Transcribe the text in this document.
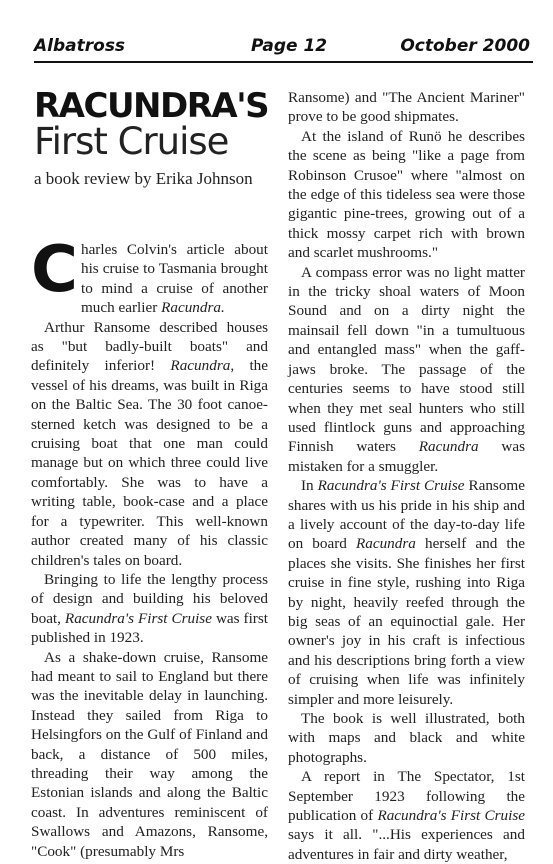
Albatross	Page 12	October 2000
RACUNDRA'S
First Cruise
a book review by Erika Johnson

Charles Colvin's article about his cruise to Tasmania brought to mind a cruise of another much earlier Racundra.

Arthur Ransome described houses as "but badly-built boats" and definitely inferior! Racundra, the vessel of his dreams, was built in Riga on the Baltic Sea. The 30 foot canoe-sterned ketch was designed to be a cruising boat that one man could manage but on which three could live comfortably. She was to have a writing table, book-case and a place for a typewriter. This well-known author created many of his classic children's tales on board.

Bringing to life the lengthy process of design and building his beloved boat, Racundra's First Cruise was first published in 1923.

As a shake-down cruise, Ransome had meant to sail to England but there was the inevitable delay in launching. Instead they sailed from Riga to Helsingfors on the Gulf of Finland and back, a distance of 500 miles, threading their way among the Estonian islands and along the Baltic coast. In adventures reminiscent of Swallows and Amazons, Ransome, "Cook" (presumably Mrs

Ransome) and "The Ancient Mariner" prove to be good shipmates.

At the island of Runö he describes the scene as being "like a page from Robinson Crusoe" where "almost on the edge of this tideless sea were those gigantic pine-trees, growing out of a thick mossy carpet rich with brown and scarlet mushrooms."

A compass error was no light matter in the tricky shoal waters of Moon Sound and on a dirty night the mainsail fell down "in a tumultuous and entangled mass" when the gaff-jaws broke. The passage of the centuries seems to have stood still when they met seal hunters who still used flintlock guns and approaching Finnish waters Racundra was mistaken for a smuggler.

In Racundra's First Cruise Ransome shares with us his pride in his ship and a lively account of the day-to-day life on board Racundra herself and the places she visits. She finishes her first cruise in fine style, rushing into Riga by night, heavily reefed through the big seas of an equinoctial gale. Her owner's joy in his craft is infectious and his descriptions bring forth a view of cruising when life was infinitely simpler and more leisurely.

The book is well illustrated, both with maps and black and white photographs.

A report in The Spectator, 1st September 1923 following the publication of Racundra's First Cruise says it all. "...His experiences and adventures in fair and dirty weather,
